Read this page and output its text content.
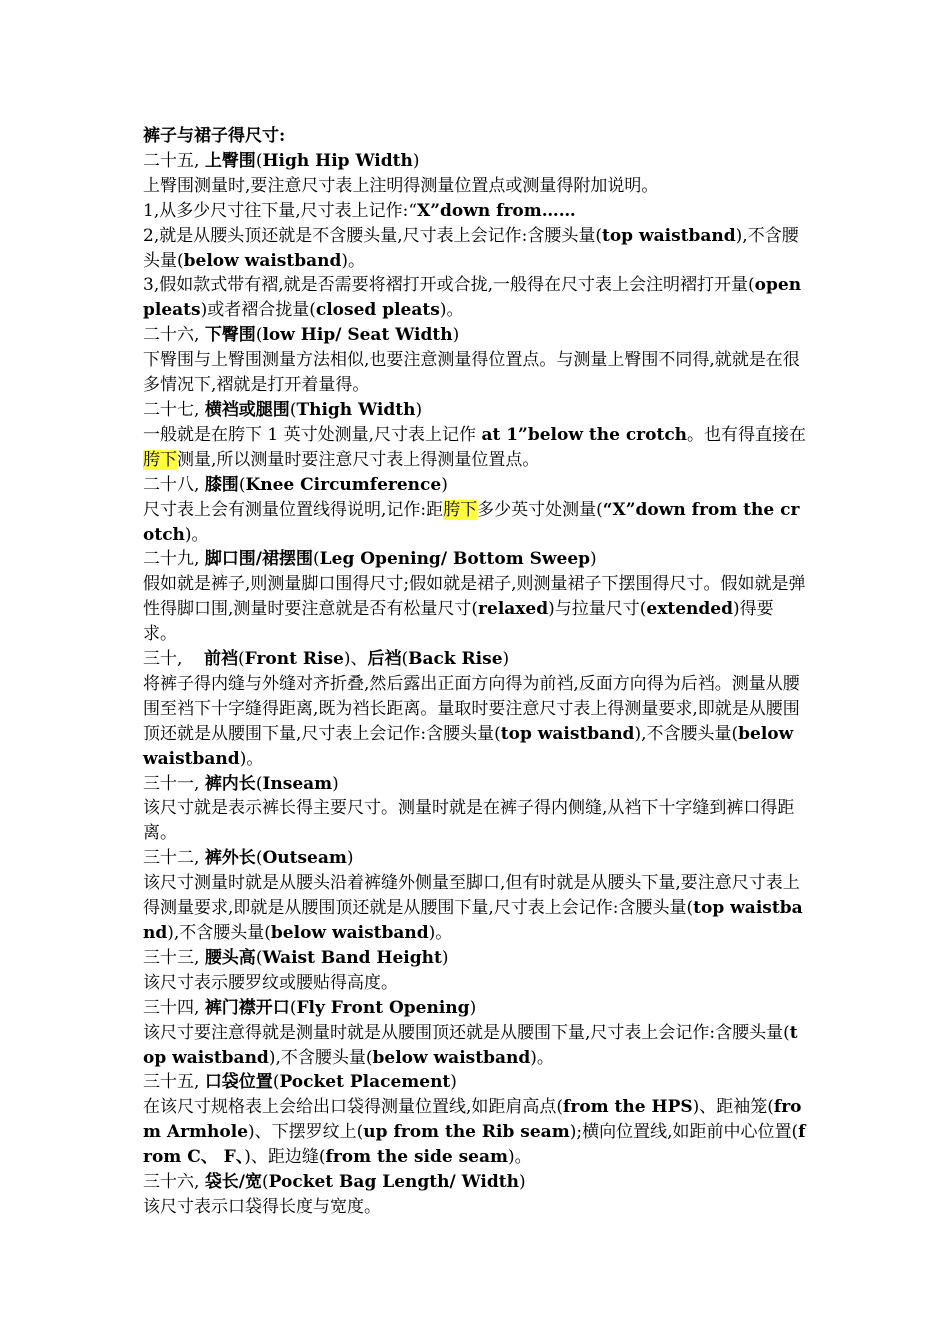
裤子与裙子得尺寸:

二十五, 上臀围(High Hip Width)

上臀围测量时,要注意尺寸表上注明得测量位置点或测量得附加说明。

1,从多少尺寸往下量,尺寸表上记作:“X”down from……

2,就是从腰头顶还就是不含腰头量,尺寸表上会记作:含腰头量(top waistband),不含腰头量(below waistband)。

3,假如款式带有褶,就是否需要将褶打开或合拢,一般得在尺寸表上会注明褶打开量(open pleats)或者褶合拢量(closed pleats)。

二十六, 下臀围(low Hip/ Seat Width)

下臀围与上臀围测量方法相似,也要注意测量得位置点。与测量上臀围不同得,就就是在很多情况下,褶就是打开着量得。

二十七, 横裆或腿围(Thigh Width)

一般就是在胯下 1 英寸处测量,尺寸表上记作 at 1”below the crotch。也有得直接在胯下测量,所以测量时要注意尺寸表上得测量位置点。

二十八, 膝围(Knee Circumference)

尺寸表上会有测量位置线得说明,记作:距胯下多少英寸处测量(“X”down from the crotch)。

二十九, 脚口围/裙摆围(Leg Opening/ Bottom Sweep)

假如就是裤子,则测量脚口围得尺寸;假如就是裙子,则测量裙子下摆围得尺寸。假如就是弹性得脚口围,测量时要注意就是否有松量尺寸(relaxed)与拉量尺寸(extended)得要求。

三十,    前裆(Front Rise)、后裆(Back Rise)

将裤子得内缝与外缝对齐折叠,然后露出正面方向得为前裆,反面方向得为后裆。测量从腰围至裆下十字缝得距离,既为裆长距离。量取时要注意尺寸表上得测量要求,即就是从腰围顶还就是从腰围下量,尺寸表上会记作:含腰头量(top waistband),不含腰头量(below waistband)。

三十一, 裤内长(Inseam)

该尺寸就是表示裤长得主要尺寸。测量时就是在裤子得内侧缝,从裆下十字缝到裤口得距离。

三十二, 裤外长(Outseam)

该尺寸测量时就是从腰头沿着裤缝外侧量至脚口,但有时就是从腰头下量,要注意尺寸表上得测量要求,即就是从腰围顶还就是从腰围下量,尺寸表上会记作:含腰头量(top waistband),不含腰头量(below waistband)。

三十三, 腰头高(Waist Band Height)

该尺寸表示腰罗纹或腰贴得高度。

三十四, 裤门襟开口(Fly Front Opening)

该尺寸要注意得就是测量时就是从腰围顶还就是从腰围下量,尺寸表上会记作:含腰头量(top waistband),不含腰头量(below waistband)。

三十五, 口袋位置(Pocket Placement)

在该尺寸规格表上会给出口袋得测量位置线,如距肩高点(from the HPS)、距袖笼(from Armhole)、下摆罗纹上(up from the Rib seam);横向位置线,如距前中心位置(from C、 F、)、距边缝(from the side seam)。

三十六, 袋长/宽(Pocket Bag Length/ Width)

该尺寸表示口袋得长度与宽度。
